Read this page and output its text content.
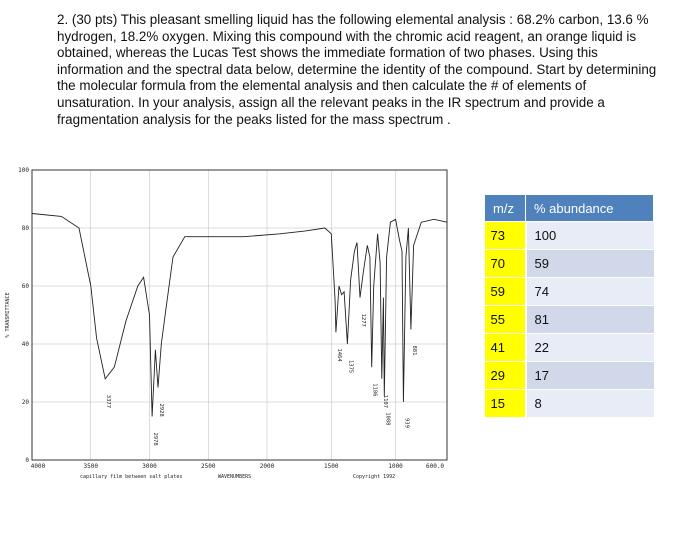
2. (30 pts) This pleasant smelling liquid has the following elemental analysis : 68.2% carbon, 13.6 % hydrogen, 18.2% oxygen. Mixing this compound with the chromic acid reagent, an orange liquid is obtained, whereas the Lucas Test shows the immediate formation of two phases. Using this information and the spectral data below, determine the identity of the compound. Start by determining the molecular formula from the elemental analysis and then calculate the # of elements of unsaturation. In your analysis, assign all the relevant peaks in the IR spectrum and provide a fragmentation analysis for the peaks listed for the mass spectrum .

100
80
60
40
20
0
4000	3500	3000	2500	2000	1500	1000	600.0
% TRANSMITTANCE
capillary film between salt plates	WAVENUMBERS	Copyright 1992
3377
2928
2978
1464
1375
1277
1186
1107
1088 939
881
m/z	% abundance
73	100
70	59
59	74
55	81
41	22
29	17
15	8
